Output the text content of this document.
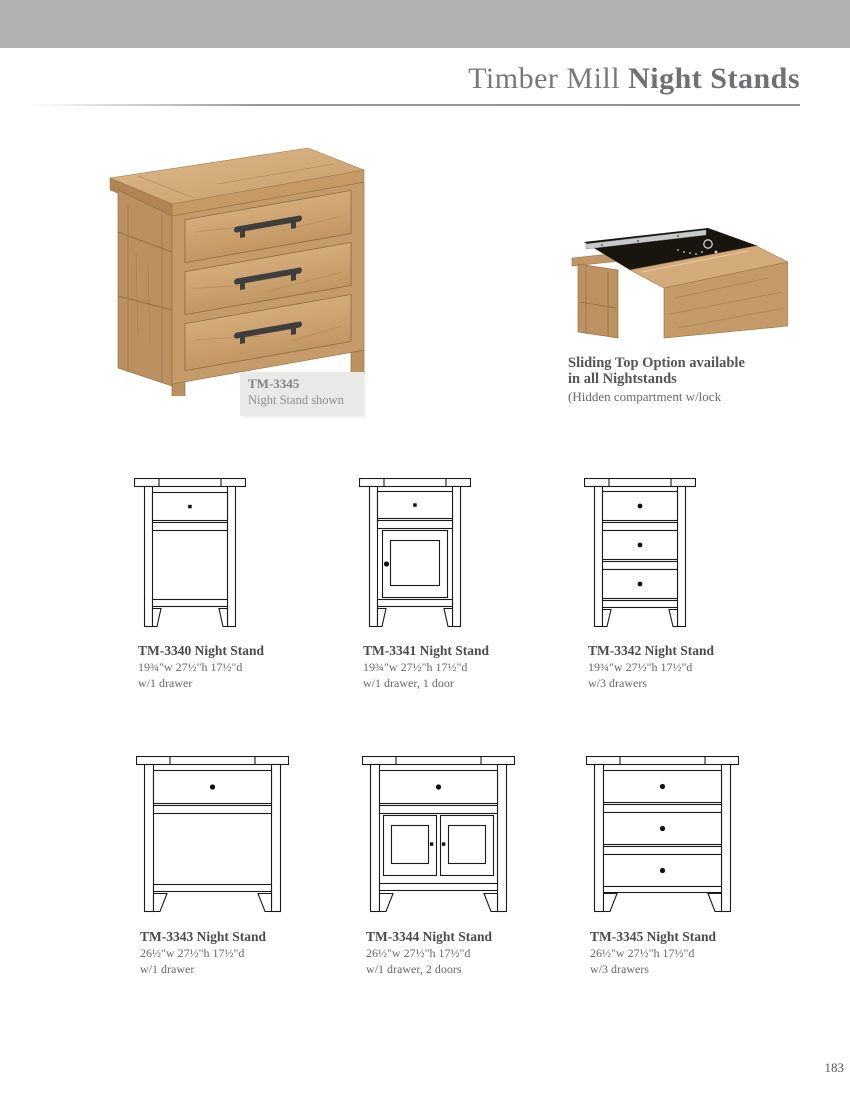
Timber Mill Night Stands
TM-3345
Night Stand shown
Sliding Top Option available
in all Nightstands
(Hidden compartment w/lock
TM-3340 Night Stand
19¾"w 27½"h 17½"d
w/1 drawer
TM-3341 Night Stand
19¾"w 27½"h 17½"d
w/1 drawer, 1 door
TM-3342 Night Stand
19¾"w 27½"h 17½"d
w/3 drawers
TM-3343 Night Stand
26½"w 27½"h 17½"d
w/1 drawer
TM-3344 Night Stand
26½"w 27½"h 17½"d
w/1 drawer, 2 doors
TM-3345 Night Stand
26½"w 27½"h 17½"d
w/3 drawers
183
